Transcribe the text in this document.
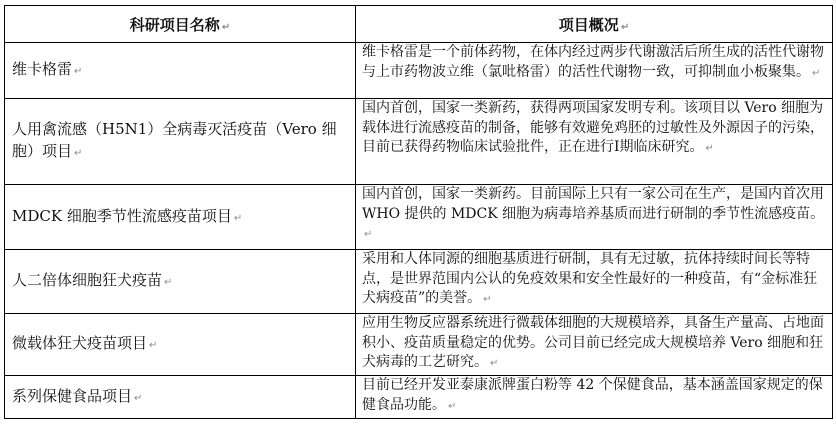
科研项目名称 ↵	项目概况 ↵
维卡格雷 ↵	维卡格雷是一个前体药物，在体内经过两步代谢激活后所生成的活性代谢物与上市药物波立维（氯吡格雷）的活性代谢物一致，可抑制血小板聚集。 ↵
人用禽流感（H5N1）全病毒灭活疫苗（Vero 细胞）项目 ↵	国内首创，国家一类新药，获得两项国家发明专利。该项目以 Vero 细胞为载体进行流感疫苗的制备，能够有效避免鸡胚的过敏性及外源因子的污染，目前已获得药物临床试验批件，正在进行Ⅰ期临床研究。 ↵
MDCK 细胞季节性流感疫苗项目 ↵	国内首创，国家一类新药。目前国际上只有一家公司在生产，是国内首次用 WHO 提供的 MDCK 细胞为病毒培养基质而进行研制的季节性流感疫苗。↵
人二倍体细胞狂犬疫苗 ↵	采用和人体同源的细胞基质进行研制，具有无过敏，抗体持续时间长等特点，是世界范围内公认的免疫效果和安全性最好的一种疫苗，有“金标准狂犬病疫苗”的美誉。 ↵
微载体狂犬疫苗项目 ↵	应用生物反应器系统进行微载体细胞的大规模培养，具备生产量高、占地面积小、疫苗质量稳定的优势。公司目前已经完成大规模培养 Vero 细胞和狂犬病毒的工艺研究。 ↵
系列保健食品项目 ↵	目前已经开发亚泰康派牌蛋白粉等 42 个保健食品，基本涵盖国家规定的保健食品功能。 ↵
